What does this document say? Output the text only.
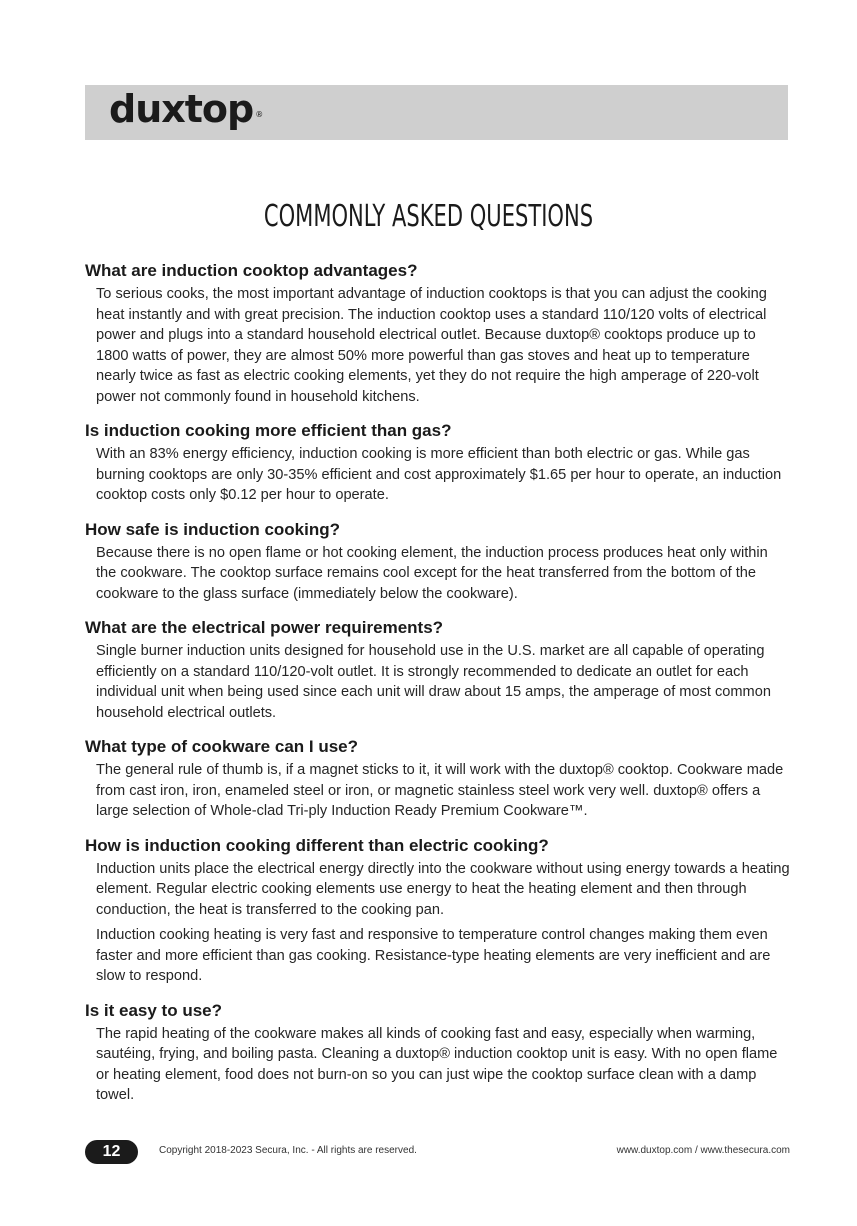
duxtop ®
COMMONLY ASKED QUESTIONS
What are induction cooktop advantages?
To serious cooks, the most important advantage of induction cooktops is that you can adjust the cooking heat instantly and with great precision. The induction cooktop uses a standard 110/120 volts of electrical power and plugs into a standard household electrical outlet. Because duxtop® cooktops produce up to 1800 watts of power, they are almost 50% more powerful than gas stoves and heat up to temperature nearly twice as fast as electric cooking elements, yet they do not require the high amperage of 220-volt power not commonly found in household kitchens.
Is induction cooking more efficient than gas?
With an 83% energy efficiency, induction cooking is more efficient than both electric or gas. While gas burning cooktops are only 30-35% efficient and cost approximately $1.65 per hour to operate, an induction cooktop costs only $0.12 per hour to operate.
How safe is induction cooking?
Because there is no open flame or hot cooking element, the induction process produces heat only within the cookware. The cooktop surface remains cool except for the heat transferred from the bottom of the cookware to the glass surface (immediately below the cookware).
What are the electrical power requirements?
Single burner induction units designed for household use in the U.S. market are all capable of operating efficiently on a standard 110/120-volt outlet. It is strongly recommended to dedicate an outlet for each individual unit when being used since each unit will draw about 15 amps, the amperage of most common household electrical outlets.
What type of cookware can I use?
The general rule of thumb is, if a magnet sticks to it, it will work with the duxtop® cooktop. Cookware made from cast iron, iron, enameled steel or iron, or magnetic stainless steel work very well. duxtop® offers a large selection of Whole-clad Tri-ply Induction Ready Premium Cookware™.
How is induction cooking different than electric cooking?
Induction units place the electrical energy directly into the cookware without using energy towards a heating element. Regular electric cooking elements use energy to heat the heating element and then through conduction, the heat is transferred to the cooking pan.
Induction cooking heating is very fast and responsive to temperature control changes making them even faster and more efficient than gas cooking. Resistance-type heating elements are very inefficient and are slow to respond.
Is it easy to use?
The rapid heating of the cookware makes all kinds of cooking fast and easy, especially when warming, sautéing, frying, and boiling pasta. Cleaning a duxtop® induction cooktop unit is easy. With no open flame or heating element, food does not burn-on so you can just wipe the cooktop surface clean with a damp towel.
12	Copyright 2018-2023 Secura, Inc. - All rights are reserved.	www.duxtop.com / www.thesecura.com
